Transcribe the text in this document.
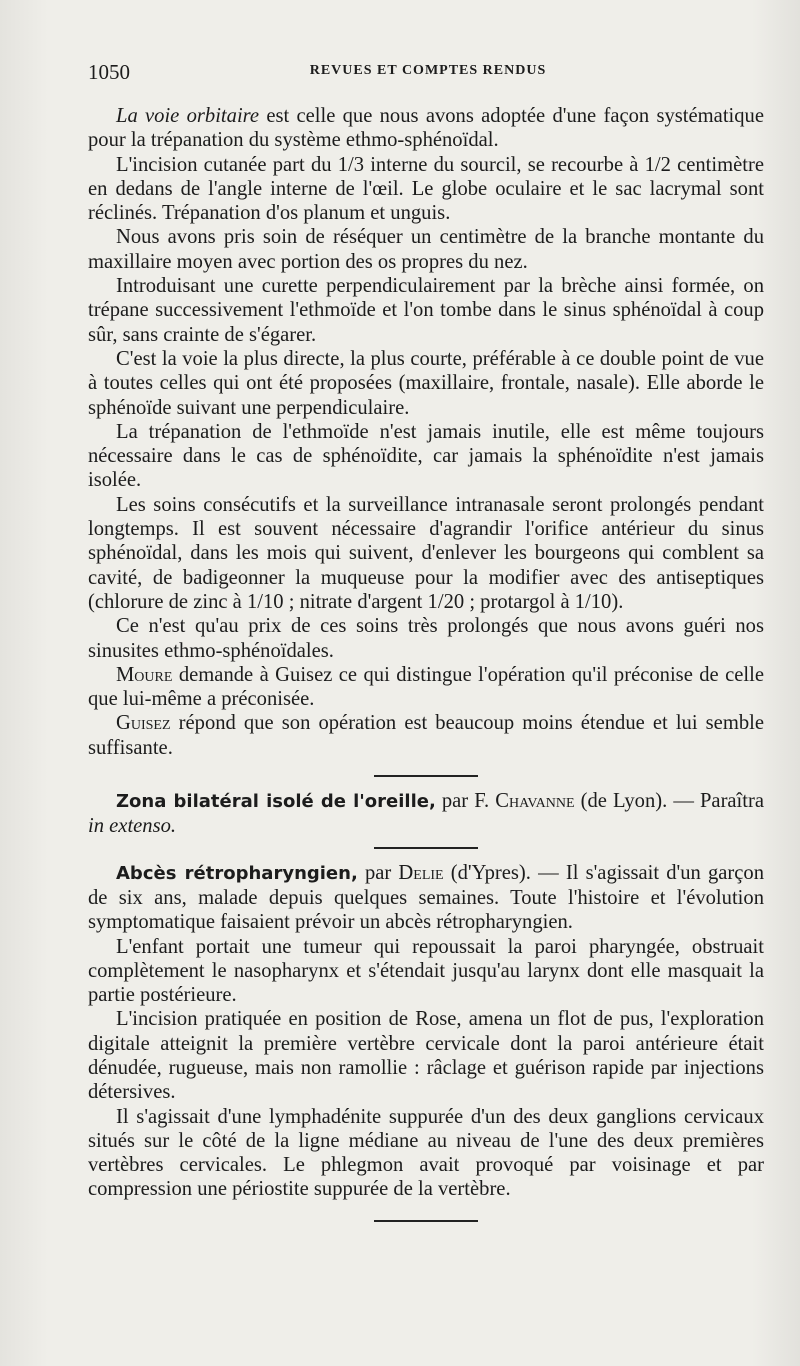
1050	REVUES ET COMPTES RENDUS

La voie orbitaire est celle que nous avons adoptée d'une façon systématique pour la trépanation du système ethmo-sphénoïdal.

L'incision cutanée part du 1/3 interne du sourcil, se recourbe à 1/2 centimètre en dedans de l'angle interne de l'œil. Le globe oculaire et le sac lacrymal sont réclinés. Trépanation d'os planum et unguis.

Nous avons pris soin de réséquer un centimètre de la branche montante du maxillaire moyen avec portion des os propres du nez.

Introduisant une curette perpendiculairement par la brèche ainsi formée, on trépane successivement l'ethmoïde et l'on tombe dans le sinus sphénoïdal à coup sûr, sans crainte de s'égarer.

C'est la voie la plus directe, la plus courte, préférable à ce double point de vue à toutes celles qui ont été proposées (maxillaire, frontale, nasale). Elle aborde le sphénoïde suivant une perpendiculaire.

La trépanation de l'ethmoïde n'est jamais inutile, elle est même toujours nécessaire dans le cas de sphénoïdite, car jamais la sphénoïdite n'est jamais isolée.

Les soins consécutifs et la surveillance intranasale seront prolongés pendant longtemps. Il est souvent nécessaire d'agrandir l'orifice antérieur du sinus sphénoïdal, dans les mois qui suivent, d'enlever les bourgeons qui comblent sa cavité, de badigeonner la muqueuse pour la modifier avec des antiseptiques (chlorure de zinc à 1/10 ; nitrate d'argent 1/20 ; protargol à 1/10).

Ce n'est qu'au prix de ces soins très prolongés que nous avons guéri nos sinusites ethmo-sphénoïdales.

Moure demande à Guisez ce qui distingue l'opération qu'il préconise de celle que lui-même a préconisée.

Guisez répond que son opération est beaucoup moins étendue et lui semble suffisante.

Zona bilatéral isolé de l'oreille, par F. Chavanne (de Lyon). — Paraîtra in extenso.

Abcès rétropharyngien, par Delie (d'Ypres). — Il s'agissait d'un garçon de six ans, malade depuis quelques semaines. Toute l'histoire et l'évolution symptomatique faisaient prévoir un abcès rétropharyngien.

L'enfant portait une tumeur qui repoussait la paroi pharyngée, obstruait complètement le nasopharynx et s'étendait jusqu'au larynx dont elle masquait la partie postérieure.

L'incision pratiquée en position de Rose, amena un flot de pus, l'exploration digitale atteignit la première vertèbre cervicale dont la paroi antérieure était dénudée, rugueuse, mais non ramollie : râclage et guérison rapide par injections détersives.

Il s'agissait d'une lymphadénite suppurée d'un des deux ganglions cervicaux situés sur le côté de la ligne médiane au niveau de l'une des deux premières vertèbres cervicales. Le phlegmon avait provoqué par voisinage et par compression une périostite suppurée de la vertèbre.
